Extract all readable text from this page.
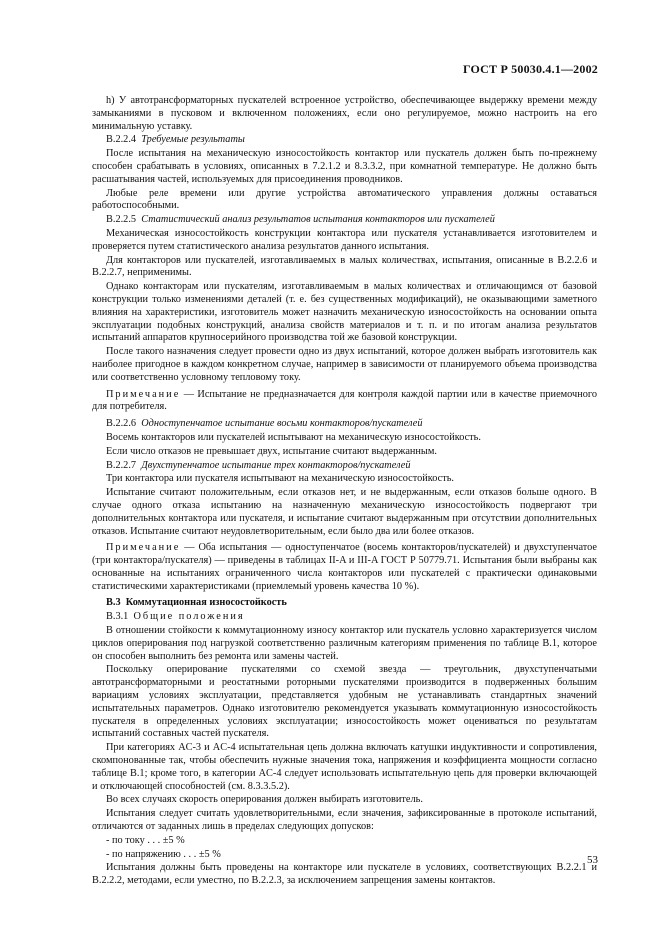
ГОСТ Р 50030.4.1—2002

h) У автотрансформаторных пускателей встроенное устройство, обеспечивающее выдержку времени между замыканиями в пусковом и включенном положениях, если оно регулируемое, можно настроить на его минимальную уставку.

B.2.2.4 Требуемые результаты

После испытания на механическую износостойкость контактор или пускатель должен быть по-прежнему способен срабатывать в условиях, описанных в 7.2.1.2 и 8.3.3.2, при комнатной температуре. Не должно быть расшатывания частей, используемых для присоединения проводников.

Любые реле времени или другие устройства автоматического управления должны оставаться работоспособными.

B.2.2.5 Статистический анализ результатов испытания контакторов или пускателей

Механическая износостойкость конструкции контактора или пускателя устанавливается изготовителем и проверяется путем статистического анализа результатов данного испытания.

Для контакторов или пускателей, изготавливаемых в малых количествах, испытания, описанные в B.2.2.6 и B.2.2.7, неприменимы.

Однако контакторам или пускателям, изготавливаемым в малых количествах и отличающимся от базовой конструкции только изменениями деталей (т. е. без существенных модификаций), не оказывающими заметного влияния на характеристики, изготовитель может назначить механическую износостойкость на основании опыта эксплуатации подобных конструкций, анализа свойств материалов и т. п. и по итогам анализа результатов испытаний аппаратов крупносерийного производства той же базовой конструкции.

После такого назначения следует провести одно из двух испытаний, которое должен выбрать изготовитель как наиболее пригодное в каждом конкретном случае, например в зависимости от планируемого объема производства или соответственно условному тепловому току.

Примечание — Испытание не предназначается для контроля каждой партии или в качестве приемочного для потребителя.

B.2.2.6 Одноступенчатое испытание восьми контакторов/пускателей

Восемь контакторов или пускателей испытывают на механическую износостойкость.

Если число отказов не превышает двух, испытание считают выдержанным.

B.2.2.7 Двухступенчатое испытание трех контакторов/пускателей

Три контактора или пускателя испытывают на механическую износостойкость.

Испытание считают положительным, если отказов нет, и не выдержанным, если отказов больше одного. В случае одного отказа испытанию на назначенную механическую износостойкость подвергают три дополнительных контактора или пускателя, и испытание считают выдержанным при отсутствии дополнительных отказов. Испытание считают неудовлетворительным, если было два или более отказов.

Примечание — Оба испытания — одноступенчатое (восемь контакторов/пускателей) и двухступенчатое (три контактора/пускателя) — приведены в таблицах II-A и III-A ГОСТ Р 50779.71. Испытания были выбраны как основанные на испытаниях ограниченного числа контакторов или пускателей с практически одинаковыми статистическими характеристиками (приемлемый уровень качества 10 %).

B.3 Коммутационная износостойкость

B.3.1 Общие положения

В отношении стойкости к коммутационному износу контактор или пускатель условно характеризуется числом циклов оперирования под нагрузкой соответственно различным категориям применения по таблице B.1, которое он способен выполнить без ремонта или замены частей.

Поскольку оперирование пускателями со схемой звезда — треугольник, двухступенчатыми автотрансформаторными и реостатными роторными пускателями производится в подверженных большим вариациям условиях эксплуатации, представляется удобным не устанавливать стандартных значений испытательных параметров. Однако изготовителю рекомендуется указывать коммутационную износостойкость пускателя в определенных условиях эксплуатации; износостойкость может оцениваться по результатам испытаний составных частей пускателя.

При категориях AC-3 и AC-4 испытательная цепь должна включать катушки индуктивности и сопротивления, скомпонованные так, чтобы обеспечить нужные значения тока, напряжения и коэффициента мощности согласно таблице B.1; кроме того, в категории AC-4 следует использовать испытательную цепь для проверки включающей и отключающей способностей (см. 8.3.3.5.2).

Во всех случаях скорость оперирования должен выбирать изготовитель.

Испытания следует считать удовлетворительными, если значения, зафиксированные в протоколе испытаний, отличаются от заданных лишь в пределах следующих допусков:

- по току . . . ±5 %

- по напряжению . . . ±5 %

Испытания должны быть проведены на контакторе или пускателе в условиях, соответствующих B.2.2.1 и B.2.2.2, методами, если уместно, по B.2.2.3, за исключением запрещения замены контактов.

53
